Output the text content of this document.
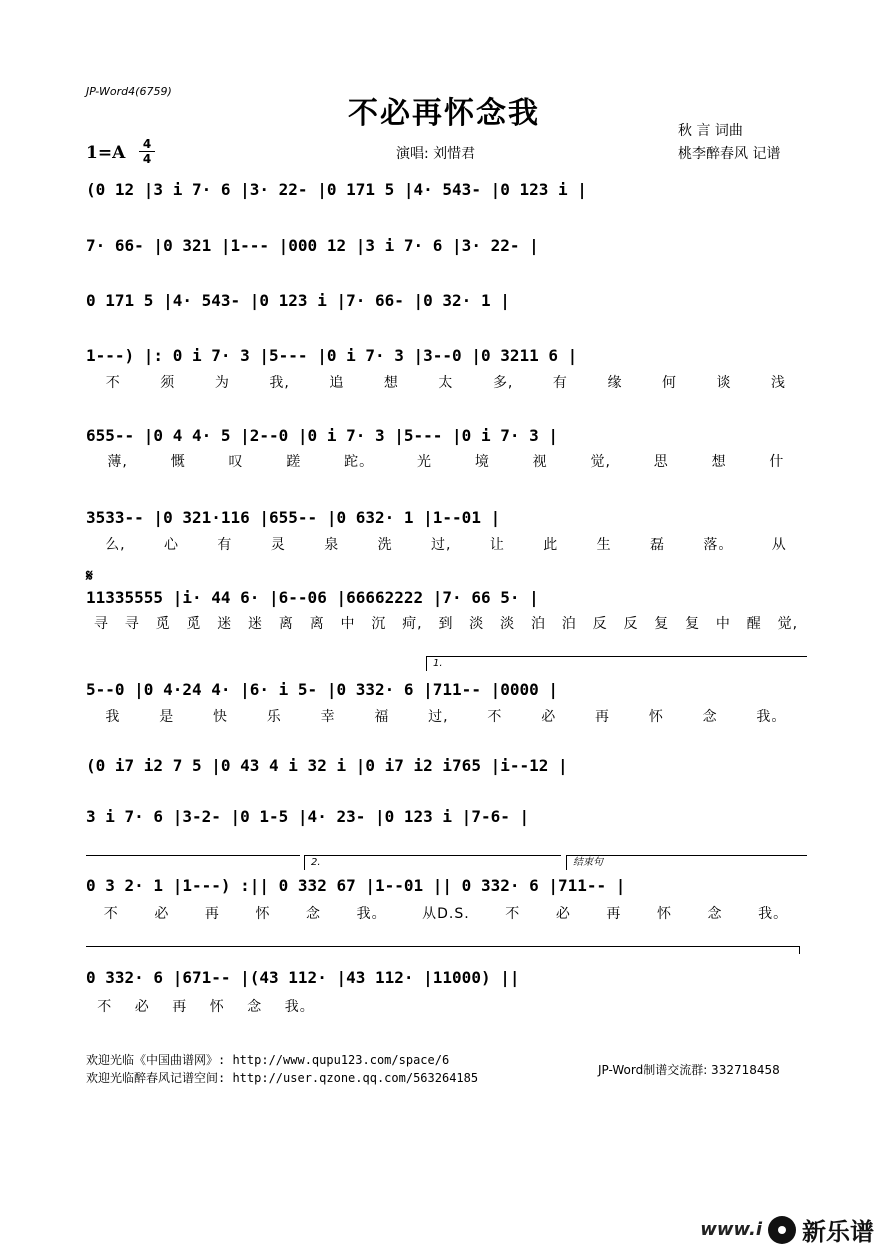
JP-Word4(6759)
不必再怀念我
1=A	4
4	演唱: 刘惜君
秋 言 词曲
桃李醉春风 记谱
(0 12 |3 i 7· 6 |3· 22- |0 171 5 |4· 543- |0 123 i |
7· 66- |0 321 |1--- |000 12 |3 i 7· 6 |3· 22- |
0 171 5 |4· 543- |0 123 i |7· 66- |0 32· 1 |
1---) |: 0 i 7· 3 |5--- |0 i 7· 3 |3--0 |0 3211 6 |
不	须	为	我,	追	想	太	多,	有	缘	何	谈	浅
655-- |0 4 4· 5 |2--0 |0 i 7· 3 |5--- |0 i 7· 3 |
薄,	慨	叹	蹉	跎。	光	境	视	觉,	思	想	什
3533-- |0 321·116 |655-- |0 632· 1 |1--01 |
么,	心	有	灵	泉	洗	过,	让	此	生	磊	落。	从
𝄋
11335555 |i· 44 6· |6--06 |66662222 |7· 66 5· |
寻 寻 觅 觅 迷 迷 离 离 中 沉 疴, 到 淡 淡 泊 泊 反 反 复 复 中 醒 觉,
1.
5--0 |0 4·24 4· |6· i 5- |0 332· 6 |711-- |0000 |
我	是	快	乐	幸	福	过,	不	必	再	怀	念	我。
(0 i7 i2 7 5 |0 43 4 i 32 i |0 i7 i2 i765 |i--12 |
3 i 7· 6 |3-2- |0 1-5 |4· 23- |0 123 i |7-6- |
2.	结束句
0 3 2· 1 |1---) :|| 0 332 67 |1--01 || 0 332· 6 |711-- |
不	必	再	怀	念	我。	从D.S.	不	必	再	怀	念	我。
0 332· 6 |671-- |(43 112· |43 112· |11000) ||
不 必 再 怀 念 我。
欢迎光临《中国曲谱网》: http://www.qupu123.com/space/6
欢迎光临醉春风记谱空间: http://user.qzone.qq.com/563264185
JP-Word制谱交流群: 332718458
www.i 新乐谱
